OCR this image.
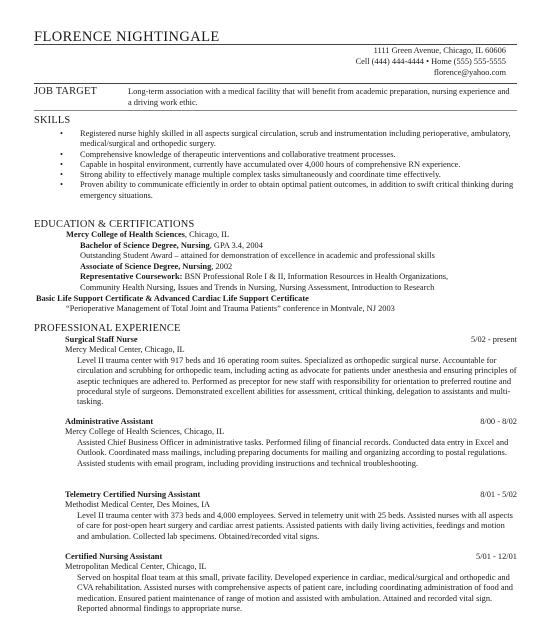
FLORENCE NIGHTINGALE
1111 Green Avenue, Chicago, IL 60606
Cell (444) 444-4444 • Home (555) 555-5555
florence@yahoo.com
JOB TARGET	Long-term association with a medical facility that will benefit from academic preparation, nursing experience and a driving work ethic.
SKILLS
• Registered nurse highly skilled in all aspects surgical circulation, scrub and instrumentation including perioperative, ambulatory, medical/surgical and orthopedic surgery.
• Comprehensive knowledge of therapeutic interventions and collaborative treatment processes.
• Capable in hospital environment, currently have accumulated over 4,000 hours of comprehensive RN experience.
• Strong ability to effectively manage multiple complex tasks simultaneously and coordinate time effectively.
• Proven ability to communicate efficiently in order to obtain optimal patient outcomes, in addition to swift critical thinking during emergency situations.
EDUCATION & CERTIFICATIONS
Mercy College of Health Sciences, Chicago, IL
Bachelor of Science Degree, Nursing, GPA 3.4, 2004
Outstanding Student Award – attained for demonstration of excellence in academic and professional skills
Associate of Science Degree, Nursing, 2002
Representative Coursework: BSN Professional Role I & II, Information Resources in Health Organizations,
Community Health Nursing, Issues and Trends in Nursing, Nursing Assessment, Introduction to Research
Basic Life Support Certificate & Advanced Cardiac Life Support Certificate
“Perioperative Management of Total Joint and Trauma Patients” conference in Montvale, NJ 2003
PROFESSIONAL EXPERIENCE
Surgical Staff Nurse	5/02 - present
Mercy Medical Center, Chicago, IL
Level II trauma center with 917 beds and 16 operating room suites. Specialized as orthopedic surgical nurse. Accountable for circulation and scrubbing for orthopedic team, including acting as advocate for patients under anesthesia and ensuring principles of aseptic techniques are adhered to. Performed as preceptor for new staff with responsibility for orientation to preferred routine and procedural style of surgeons. Demonstrated excellent abilities for assessment, critical thinking, delegation to assistants and multi-tasking.
Administrative Assistant	8/00 - 8/02
Mercy College of Health Sciences, Chicago, IL
Assisted Chief Business Officer in administrative tasks. Performed filing of financial records. Conducted data entry in Excel and Outlook. Coordinated mass mailings, including preparing documents for mailing and organizing according to postal regulations. Assisted students with email program, including providing instructions and technical troubleshooting.
Telemetry Certified Nursing Assistant	8/01 - 5/02
Methodist Medical Center, Des Moines, IA
Level II trauma center with 373 beds and 4,000 employees. Served in telemetry unit with 25 beds. Assisted nurses with all aspects of care for post-open heart surgery and cardiac arrest patients. Assisted patients with daily living activities, feedings and motion and ambulation. Collected lab specimens. Obtained/recorded vital signs.
Certified Nursing Assistant	5/01 - 12/01
Metropolitan Medical Center, Chicago, IL
Served on hospital float team at this small, private facility. Developed experience in cardiac, medical/surgical and orthopedic and CVA rehabilitation. Assisted nurses with comprehensive aspects of patient care, including coordinating administration of food and medication. Ensured patient maintenance of range of motion and assisted with ambulation. Attained and recorded vital sign. Reported abnormal findings to appropriate nurse.
